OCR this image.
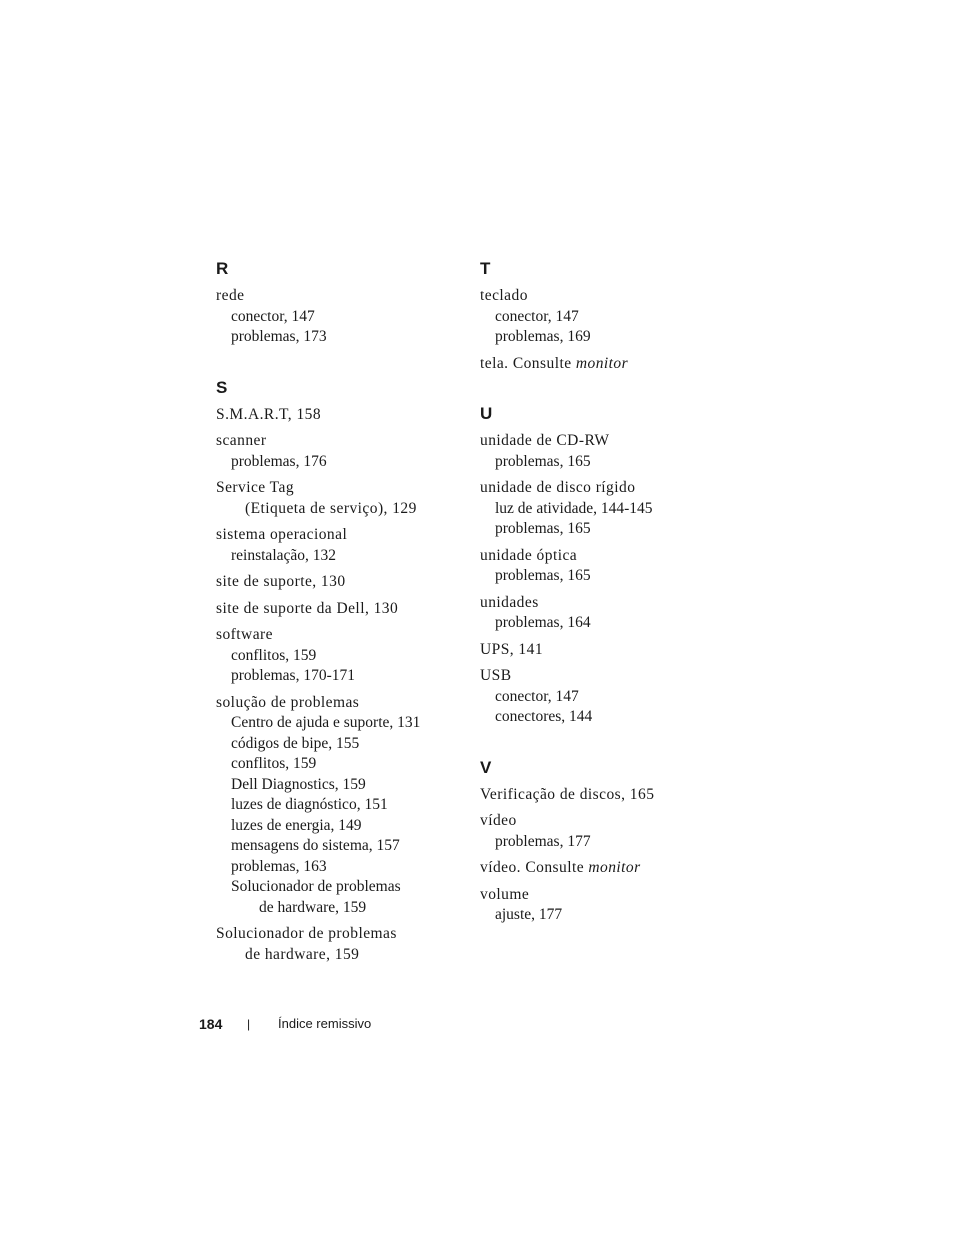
R
rede
conector, 147
problemas, 173
S
S.M.A.R.T, 158
scanner
problemas, 176
Service Tag
(Etiqueta de serviço), 129
sistema operacional
reinstalação, 132
site de suporte, 130
site de suporte da Dell, 130
software
conflitos, 159
problemas, 170-171
solução de problemas
Centro de ajuda e suporte, 131
códigos de bipe, 155
conflitos, 159
Dell Diagnostics, 159
luzes de diagnóstico, 151
luzes de energia, 149
mensagens do sistema, 157
problemas, 163
Solucionador de problemas
de hardware, 159
Solucionador de problemas
de hardware, 159
T
teclado
conector, 147
problemas, 169
tela. Consulte monitor
U
unidade de CD-RW
problemas, 165
unidade de disco rígido
luz de atividade, 144-145
problemas, 165
unidade óptica
problemas, 165
unidades
problemas, 164
UPS, 141
USB
conector, 147
conectores, 144
V
Verificação de discos, 165
vídeo
problemas, 177
vídeo. Consulte monitor
volume
ajuste, 177
184 | Índice remissivo
